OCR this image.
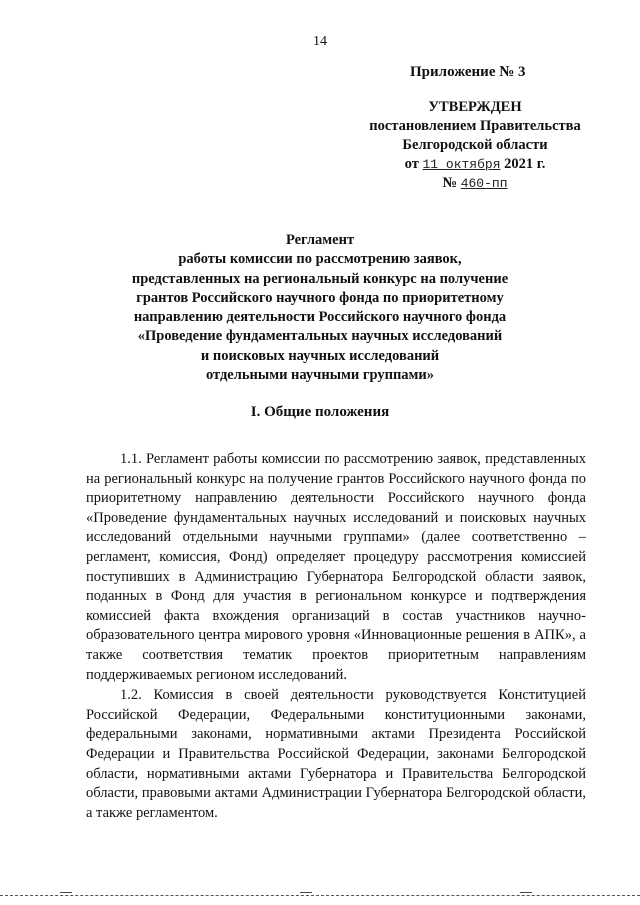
14
Приложение № 3
УТВЕРЖДЕН
постановлением Правительства
Белгородской области
от 11 октября 2021 г.
№ 460-пп
Регламент
работы комиссии по рассмотрению заявок,
представленных на региональный конкурс на получение
грантов Российского научного фонда по приоритетному
направлению деятельности Российского научного фонда
«Проведение фундаментальных научных исследований
и поисковых научных исследований
отдельными научными группами»
I. Общие положения

1.1. Регламент работы комиссии по рассмотрению заявок, представленных на региональный конкурс на получение грантов Российского научного фонда по приоритетному направлению деятельности Российского научного фонда «Проведение фундаментальных научных исследований и поисковых научных исследований отдельными научными группами» (далее соответственно – регламент, комиссия, Фонд) определяет процедуру рассмотрения комиссией поступивших в Администрацию Губернатора Белгородской области заявок, поданных в Фонд для участия в региональном конкурсе и подтверждения комиссией факта вхождения организаций в состав участников научно-образовательного центра мирового уровня «Инновационные решения в АПК», а также соответствия тематик проектов приоритетным направлениям поддерживаемых регионом исследований.

1.2. Комиссия в своей деятельности руководствуется Конституцией Российской Федерации, Федеральными конституционными законами, федеральными законами, нормативными актами Президента Российской Федерации и Правительства Российской Федерации, законами Белгородской области, нормативными актами Губернатора и Правительства Белгородской области, правовыми актами Администрации Губернатора Белгородской области, а также регламентом.
